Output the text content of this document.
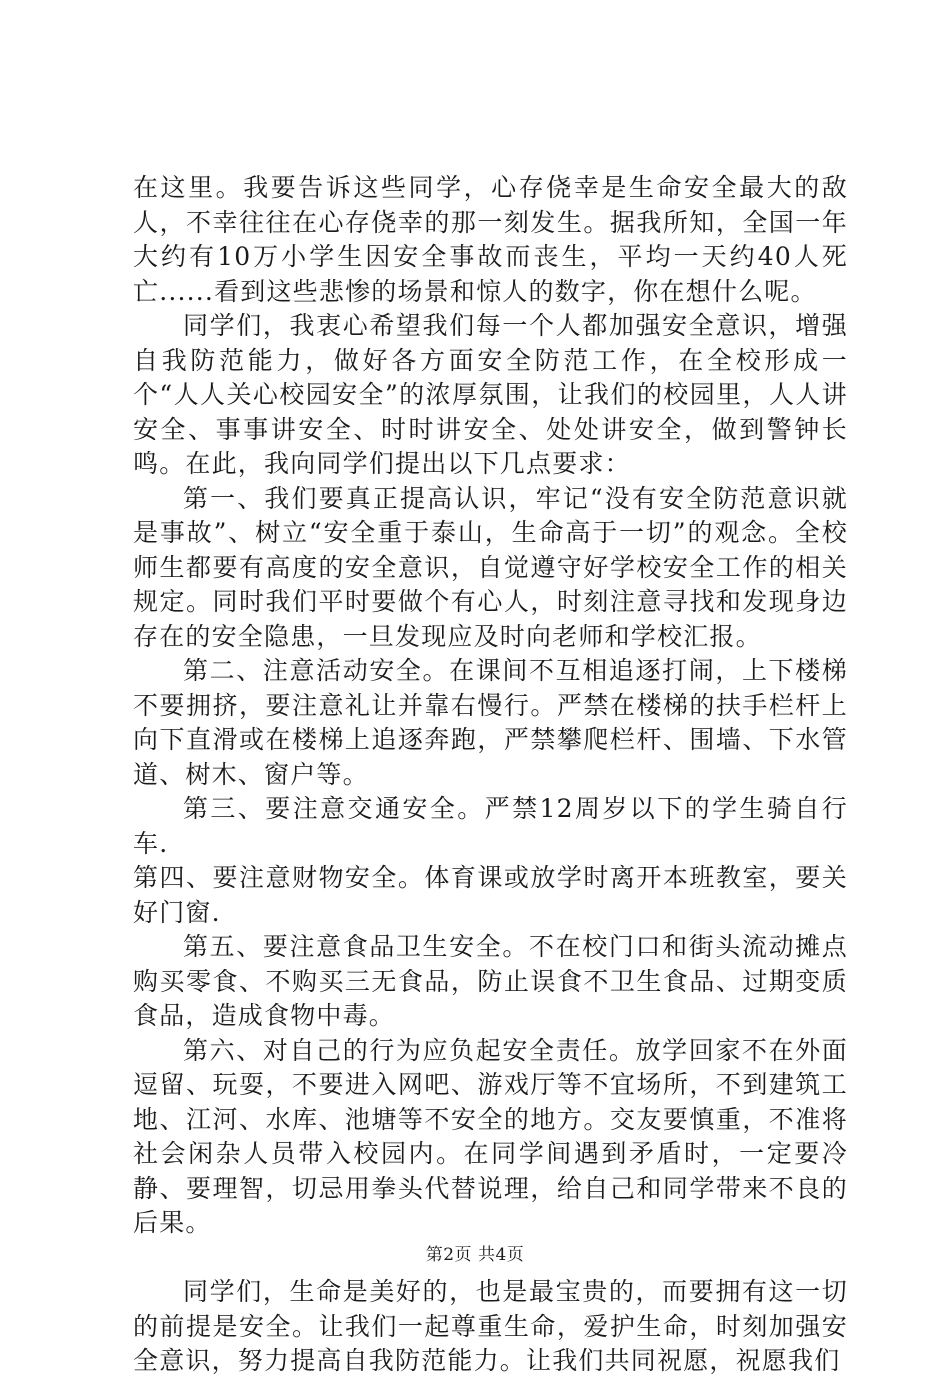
在这里。我要告诉这些同学，心存侥幸是生命安全最大的敌人，不幸往往在心存侥幸的那一刻发生。据我所知，全国一年大约有10万小学生因安全事故而丧生，平均一天约40人死亡......看到这些悲惨的场景和惊人的数字，你在想什么呢。

同学们，我衷心希望我们每一个人都加强安全意识，增强自我防范能力，做好各方面安全防范工作，在全校形成一个“人人关心校园安全”的浓厚氛围，让我们的校园里，人人讲安全、事事讲安全、时时讲安全、处处讲安全，做到警钟长鸣。在此，我向同学们提出以下几点要求：

第一、我们要真正提高认识，牢记“没有安全防范意识就是事故”、树立“安全重于泰山，生命高于一切”的观念。全校师生都要有高度的安全意识，自觉遵守好学校安全工作的相关规定。同时我们平时要做个有心人，时刻注意寻找和发现身边存在的安全隐患，一旦发现应及时向老师和学校汇报。

第二、注意活动安全。在课间不互相追逐打闹，上下楼梯不要拥挤，要注意礼让并靠右慢行。严禁在楼梯的扶手栏杆上向下直滑或在楼梯上追逐奔跑，严禁攀爬栏杆、围墙、下水管道、树木、窗户等。

第三、要注意交通安全。严禁12周岁以下的学生骑自行车.

第四、要注意财物安全。体育课或放学时离开本班教室，要关好门窗.

第五、要注意食品卫生安全。不在校门口和街头流动摊点购买零食、不购买三无食品，防止误食不卫生食品、过期变质食品，造成食物中毒。

第六、对自己的行为应负起安全责任。放学回家不在外面逗留、玩耍，不要进入网吧、游戏厅等不宜场所，不到建筑工地、江河、水库、池塘等不安全的地方。交友要慎重，不准将社会闲杂人员带入校园内。在同学间遇到矛盾时，一定要冷静、要理智，切忌用拳头代替说理，给自己和同学带来不良的后果。

同学们，生命是美好的，也是最宝贵的，而要拥有这一切的前提是安全。让我们一起尊重生命，爱护生命，时刻加强安全意识，努力提高自我防范能力。让我们共同祝愿，祝愿我们

第2页 共4页
